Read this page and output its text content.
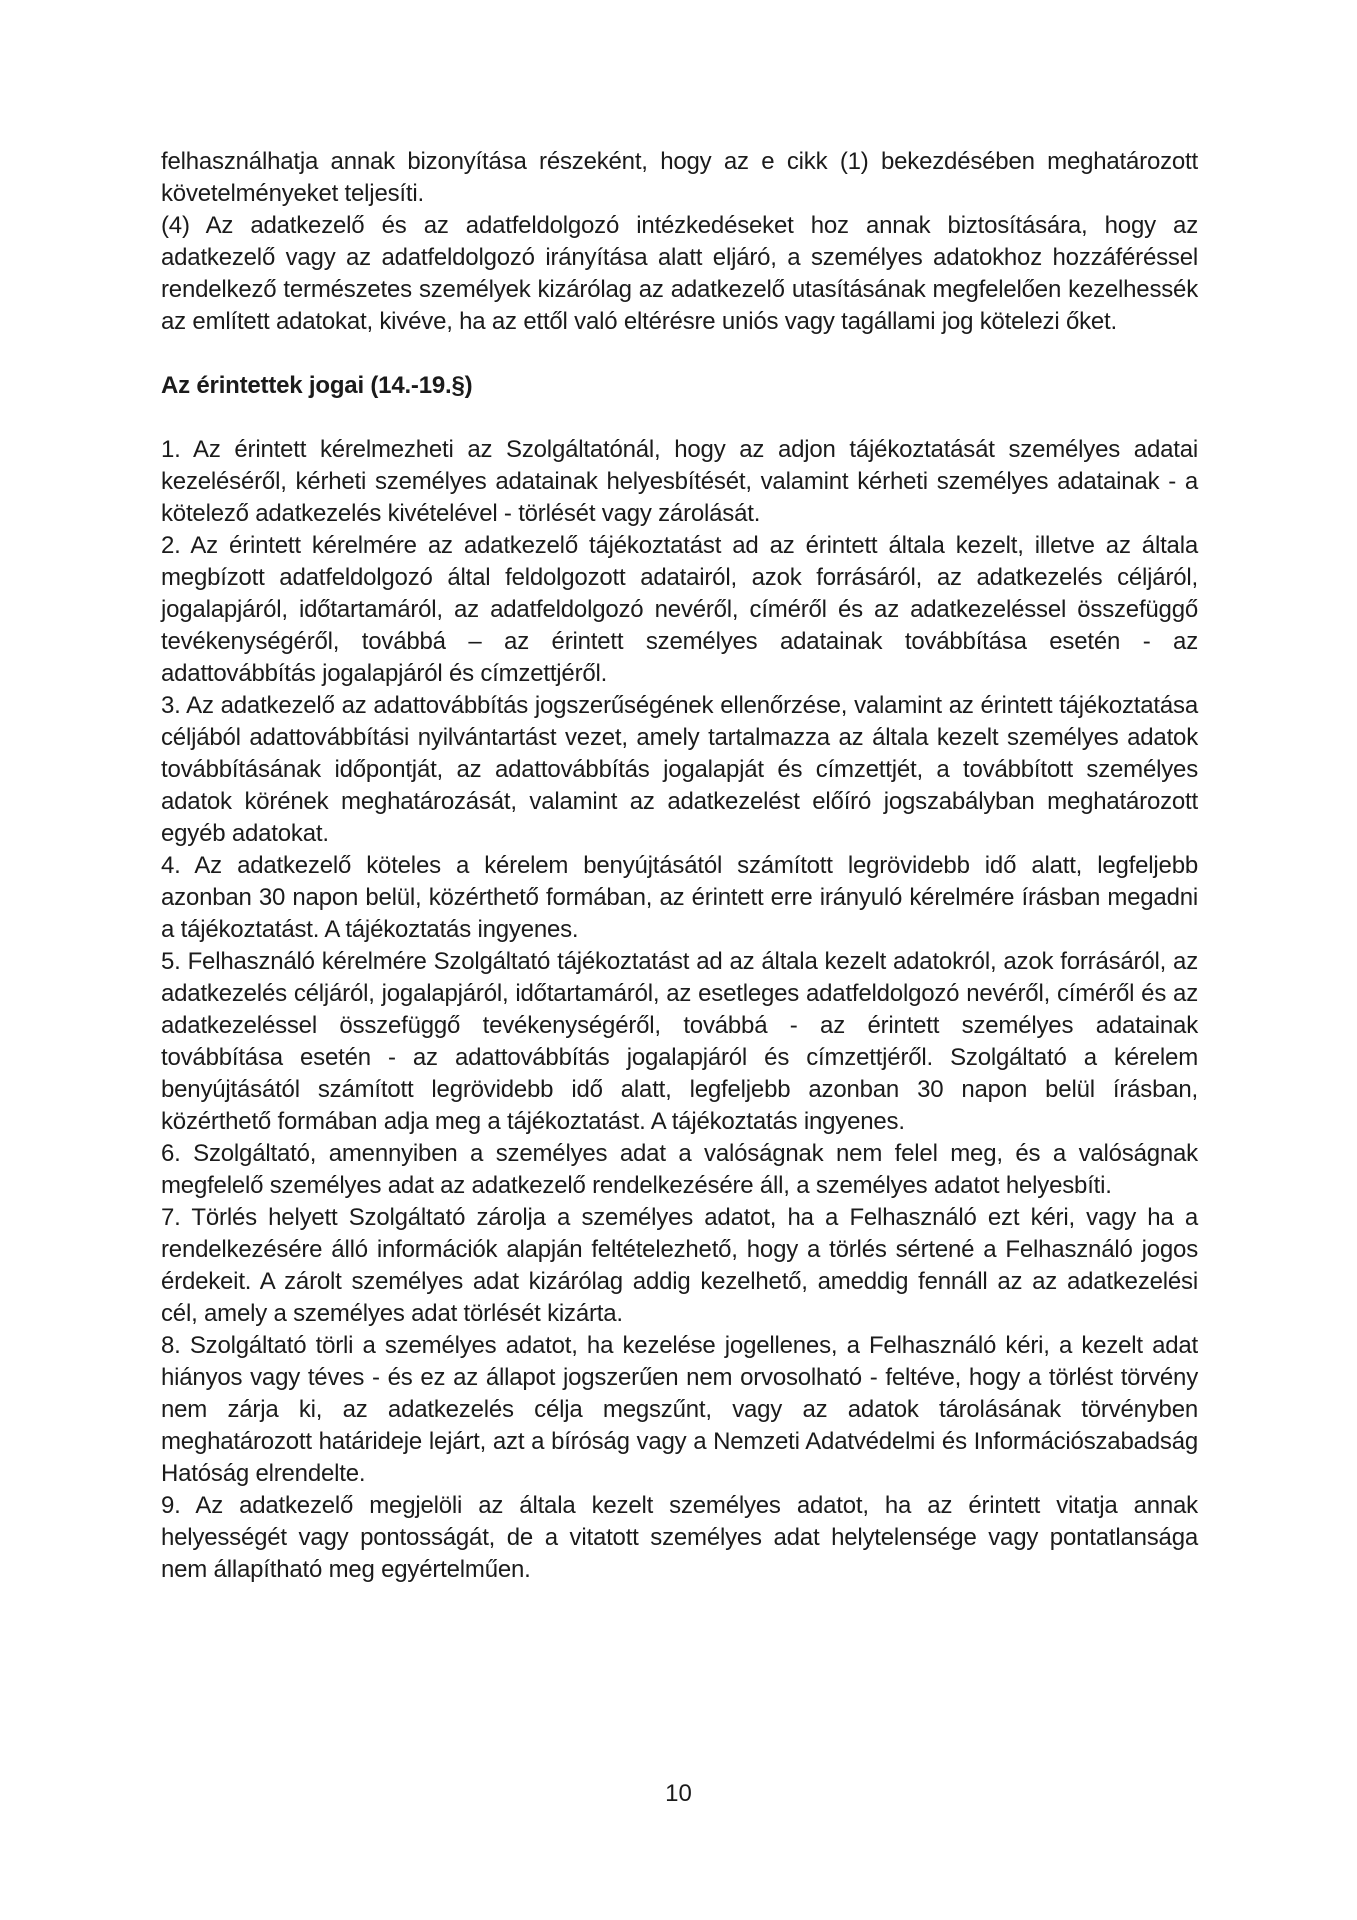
felhasználhatja annak bizonyítása részeként, hogy az e cikk (1) bekezdésében meghatározott követelményeket teljesíti.

(4) Az adatkezelő és az adatfeldolgozó intézkedéseket hoz annak biztosítására, hogy az adatkezelő vagy az adatfeldolgozó irányítása alatt eljáró, a személyes adatokhoz hozzáféréssel rendelkező természetes személyek kizárólag az adatkezelő utasításának megfelelően kezelhessék az említett adatokat, kivéve, ha az ettől való eltérésre uniós vagy tagállami jog kötelezi őket.

Az érintettek jogai (14.-19.§)

1. Az érintett kérelmezheti az Szolgáltatónál, hogy az adjon tájékoztatását személyes adatai kezeléséről, kérheti személyes adatainak helyesbítését, valamint kérheti személyes adatainak - a kötelező adatkezelés kivételével - törlését vagy zárolását.

2. Az érintett kérelmére az adatkezelő tájékoztatást ad az érintett általa kezelt, illetve az általa megbízott adatfeldolgozó által feldolgozott adatairól, azok forrásáról, az adatkezelés céljáról, jogalapjáról, időtartamáról, az adatfeldolgozó nevéről, címéről és az adatkezeléssel összefüggő tevékenységéről, továbbá – az érintett személyes adatainak továbbítása esetén - az adattovábbítás jogalapjáról és címzettjéről.

3. Az adatkezelő az adattovábbítás jogszerűségének ellenőrzése, valamint az érintett tájékoztatása céljából adattovábbítási nyilvántartást vezet, amely tartalmazza az általa kezelt személyes adatok továbbításának időpontját, az adattovábbítás jogalapját és címzettjét, a továbbított személyes adatok körének meghatározását, valamint az adatkezelést előíró jogszabályban meghatározott egyéb adatokat.

4. Az adatkezelő köteles a kérelem benyújtásától számított legrövidebb idő alatt, legfeljebb azonban 30 napon belül, közérthető formában, az érintett erre irányuló kérelmére írásban megadni a tájékoztatást. A tájékoztatás ingyenes.

5. Felhasználó kérelmére Szolgáltató tájékoztatást ad az általa kezelt adatokról, azok forrásáról, az adatkezelés céljáról, jogalapjáról, időtartamáról, az esetleges adatfeldolgozó nevéről, címéről és az adatkezeléssel összefüggő tevékenységéről, továbbá - az érintett személyes adatainak továbbítása esetén - az adattovábbítás jogalapjáról és címzettjéről. Szolgáltató a kérelem benyújtásától számított legrövidebb idő alatt, legfeljebb azonban 30 napon belül írásban, közérthető formában adja meg a tájékoztatást. A tájékoztatás ingyenes.

6. Szolgáltató, amennyiben a személyes adat a valóságnak nem felel meg, és a valóságnak megfelelő személyes adat az adatkezelő rendelkezésére áll, a személyes adatot helyesbíti.

7. Törlés helyett Szolgáltató zárolja a személyes adatot, ha a Felhasználó ezt kéri, vagy ha a rendelkezésére álló információk alapján feltételezhető, hogy a törlés sértené a Felhasználó jogos érdekeit. A zárolt személyes adat kizárólag addig kezelhető, ameddig fennáll az az adatkezelési cél, amely a személyes adat törlését kizárta.

8. Szolgáltató törli a személyes adatot, ha kezelése jogellenes, a Felhasználó kéri, a kezelt adat hiányos vagy téves - és ez az állapot jogszerűen nem orvosolható - feltéve, hogy a törlést törvény nem zárja ki, az adatkezelés célja megszűnt, vagy az adatok tárolásának törvényben meghatározott határideje lejárt, azt a bíróság vagy a Nemzeti Adatvédelmi és Információszabadság Hatóság elrendelte.

9. Az adatkezelő megjelöli az általa kezelt személyes adatot, ha az érintett vitatja annak helyességét vagy pontosságát, de a vitatott személyes adat helytelensége vagy pontatlansága nem állapítható meg egyértelműen.

10
